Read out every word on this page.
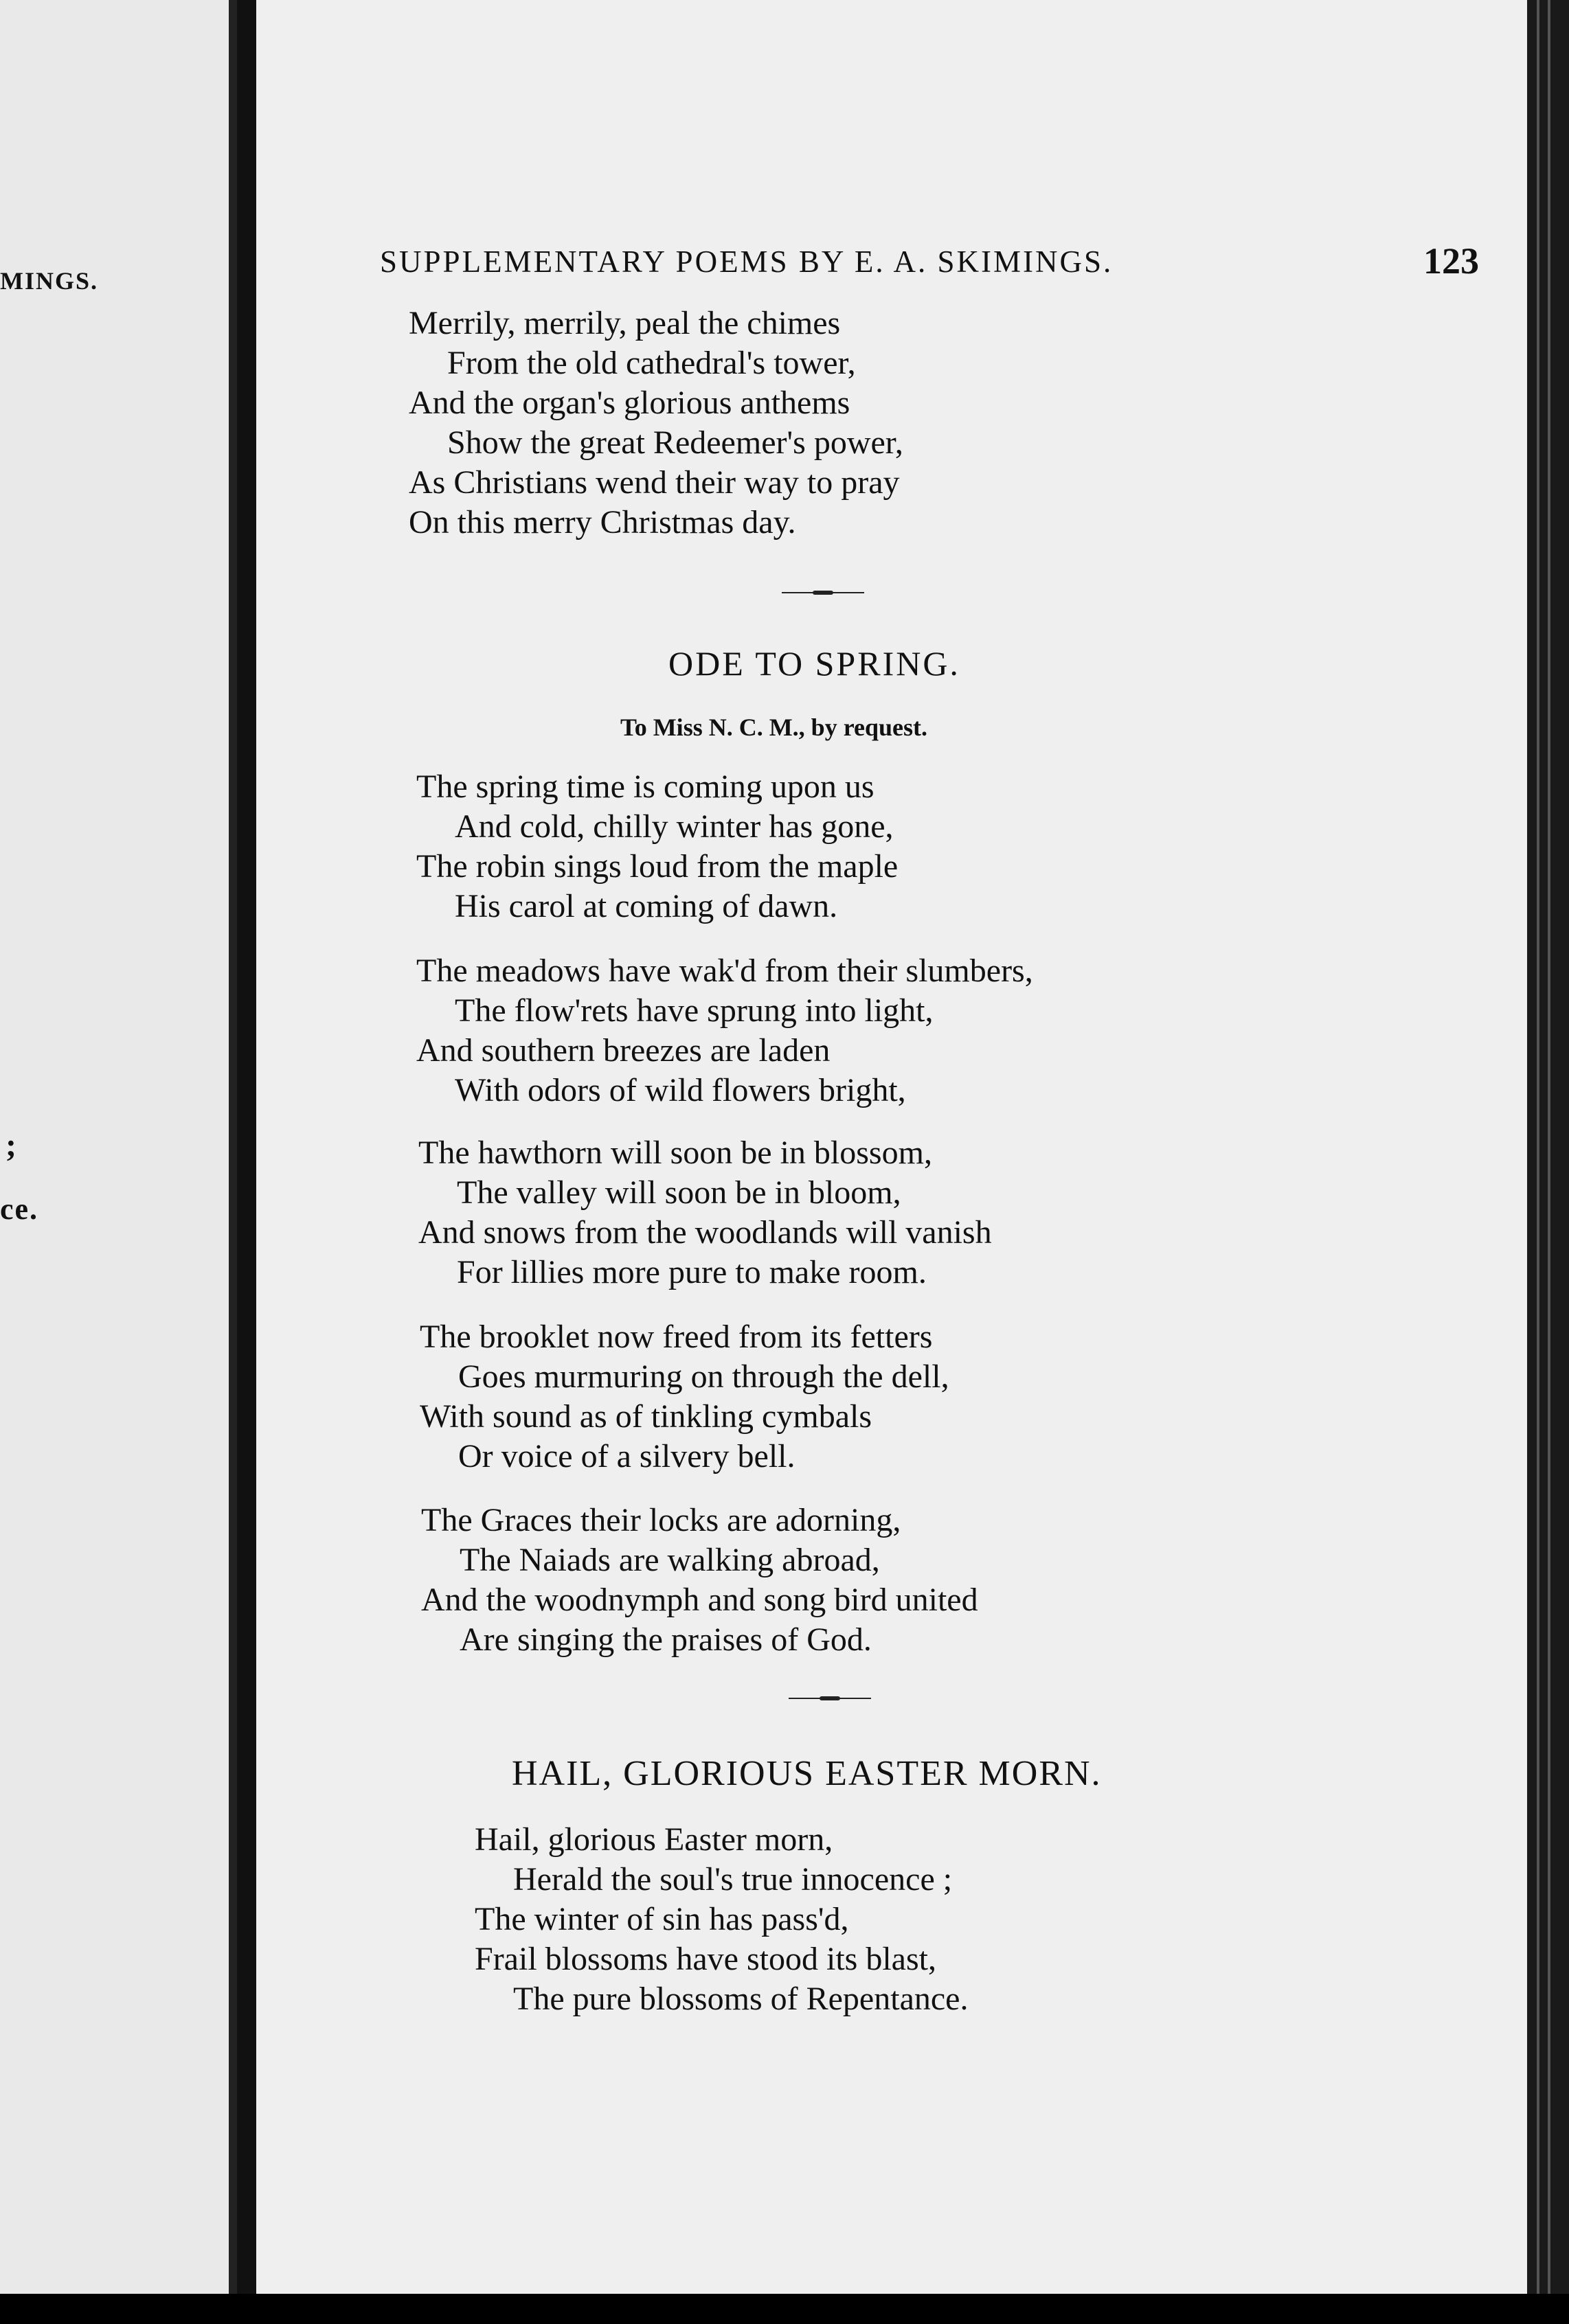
MINGS.
;
ce.
SUPPLEMENTARY POEMS BY E. A. SKIMINGS.	123
Merrily, merrily, peal the chimes
From the old cathedral's tower,
And the organ's glorious anthems
Show the great Redeemer's power,
As Christians wend their way to pray
On this merry Christmas day.
ODE TO SPRING.
To Miss N. C. M., by request.
The spring time is coming upon us
And cold, chilly winter has gone,
The robin sings loud from the maple
His carol at coming of dawn.
The meadows have wak'd from their slumbers,
The flow'rets have sprung into light,
And southern breezes are laden
With odors of wild flowers bright,
The hawthorn will soon be in blossom,
The valley will soon be in bloom,
And snows from the woodlands will vanish
For lillies more pure to make room.
The brooklet now freed from its fetters
Goes murmuring on through the dell,
With sound as of tinkling cymbals
Or voice of a silvery bell.
The Graces their locks are adorning,
The Naiads are walking abroad,
And the woodnymph and song bird united
Are singing the praises of God.
HAIL, GLORIOUS EASTER MORN.
Hail, glorious Easter morn,
Herald the soul's true innocence ;
The winter of sin has pass'd,
Frail blossoms have stood its blast,
The pure blossoms of Repentance.
